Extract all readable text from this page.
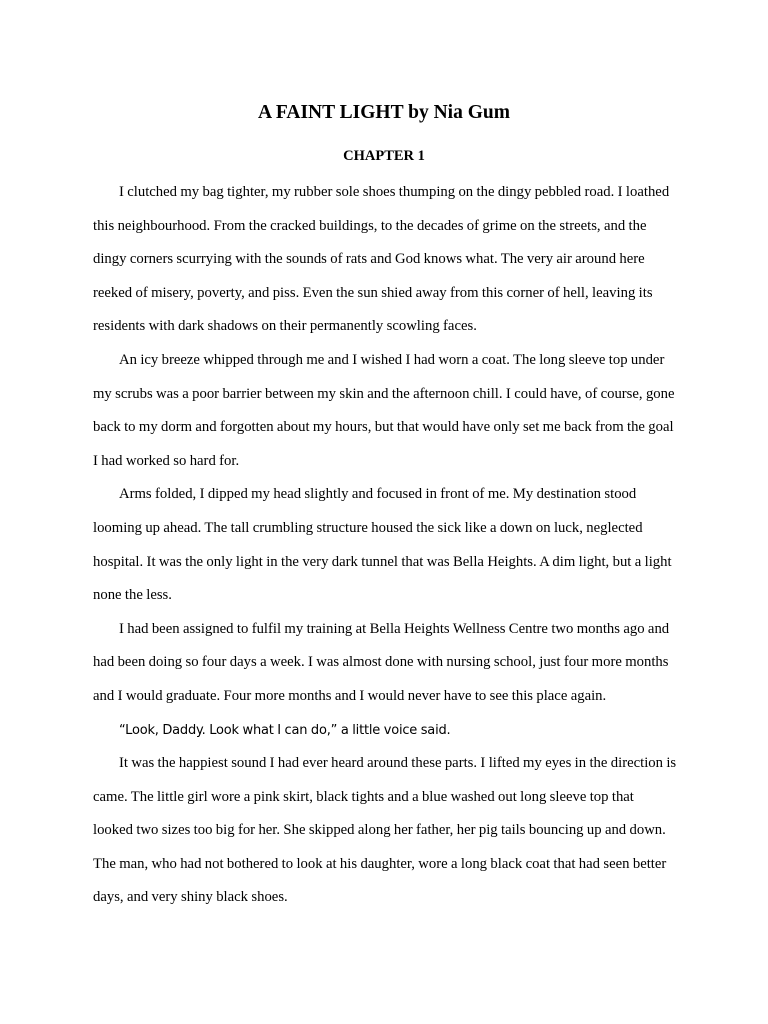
A FAINT LIGHT by Nia Gum
CHAPTER 1

I clutched my bag tighter, my rubber sole shoes thumping on the dingy pebbled road. I loathed this neighbourhood. From the cracked buildings, to the decades of grime on the streets, and the dingy corners scurrying with the sounds of rats and God knows what. The very air around here reeked of misery, poverty, and piss. Even the sun shied away from this corner of hell, leaving its residents with dark shadows on their permanently scowling faces.

An icy breeze whipped through me and I wished I had worn a coat. The long sleeve top under my scrubs was a poor barrier between my skin and the afternoon chill. I could have, of course, gone back to my dorm and forgotten about my hours, but that would have only set me back from the goal I had worked so hard for.

Arms folded, I dipped my head slightly and focused in front of me. My destination stood looming up ahead. The tall crumbling structure housed the sick like a down on luck, neglected hospital. It was the only light in the very dark tunnel that was Bella Heights. A dim light, but a light none the less.

I had been assigned to fulfil my training at Bella Heights Wellness Centre two months ago and had been doing so four days a week. I was almost done with nursing school, just four more months and I would graduate. Four more months and I would never have to see this place again.

“Look, Daddy. Look what I can do,” a little voice said.

It was the happiest sound I had ever heard around these parts. I lifted my eyes in the direction is came. The little girl wore a pink skirt, black tights and a blue washed out long sleeve top that looked two sizes too big for her. She skipped along her father, her pig tails bouncing up and down. The man, who had not bothered to look at his daughter, wore a long black coat that had seen better days, and very shiny black shoes.
